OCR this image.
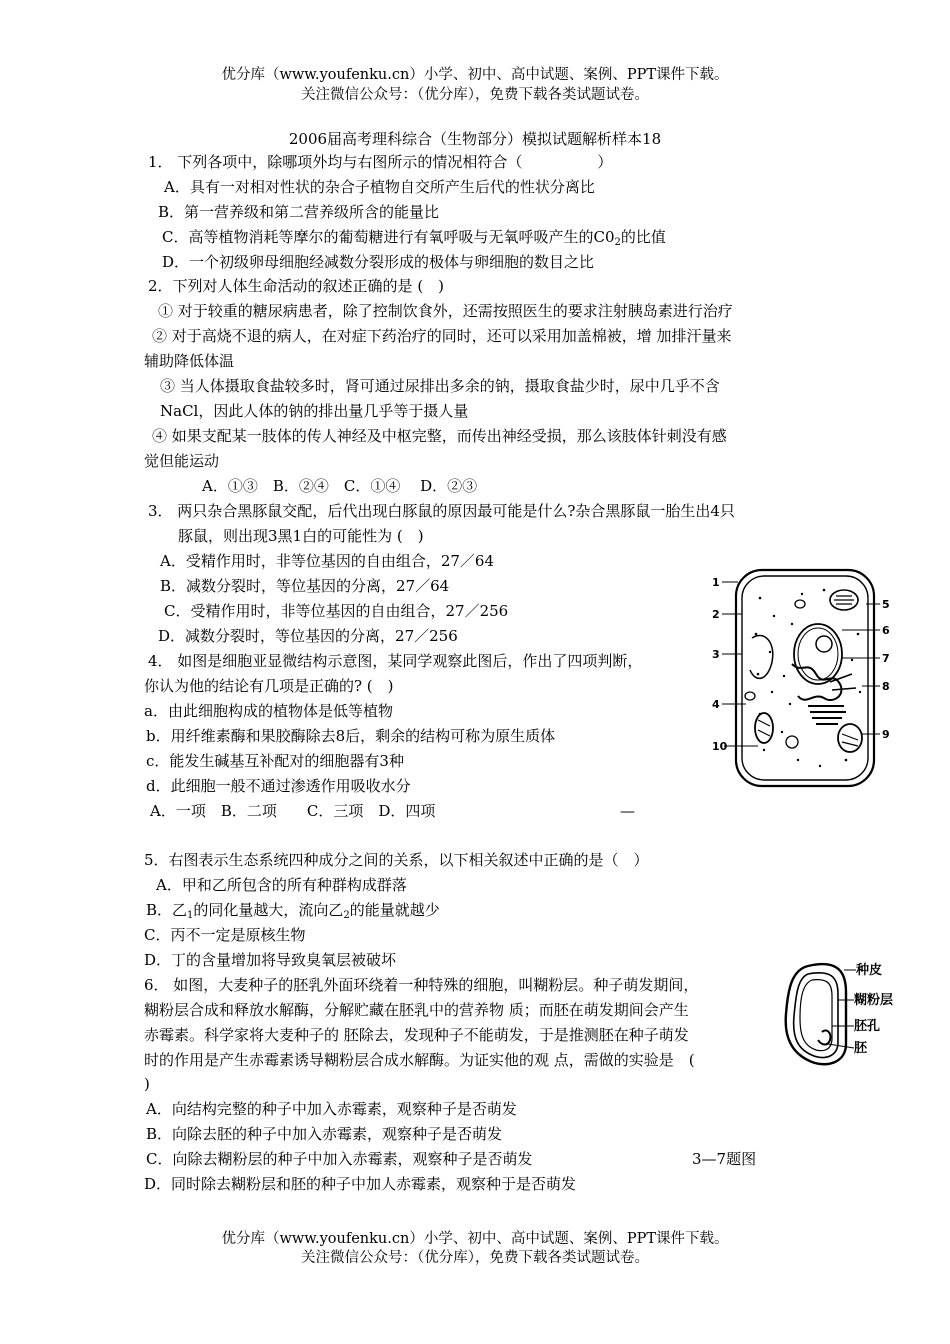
优分库（www.youfenku.cn）小学、初中、高中试题、案例、PPT课件下载。
关注微信公众号：（优分库），免费下载各类试题试卷。
2006届高考理科综合（生物部分）模拟试题解析样本18
1． 下列各项中，除哪项外均与右图所示的情况相符合（　　　　　）
A．具有一对相对性状的杂合子植物自交所产生后代的性状分离比
B．第一营养级和第二营养级所含的能量比
C．高等植物消耗等摩尔的葡萄糖进行有氧呼吸与无氧呼吸产生的$C0_2$的比值
D．一个初级卵母细胞经减数分裂形成的极体与卵细胞的数目之比
2．下列对人体生命活动的叙述正确的是 (　)
① 对于较重的糖尿病患者，除了控制饮食外，还需按照医生的要求注射胰岛素进行治疗
② 对于高烧不退的病人，在对症下药治疗的同时，还可以采用加盖棉被，增 加排汗量来
辅助降低体温
③ 当人体摄取食盐较多时，肾可通过尿排出多余的钠，摄取食盐少时，尿中几乎不含
NaCl，因此人体的钠的排出量几乎等于摄人量
④ 如果支配某一肢体的传人神经及中枢完整，而传出神经受损，那么该肢体针刺没有感
觉但能运动
A．①③　B．②④　C．①④　 D．②③
3． 两只杂合黑豚鼠交配，后代出现白豚鼠的原因最可能是什么?杂合黑豚鼠一胎生出4只
豚鼠，则出现3黑1白的可能性为 (　)
A．受精作用时，非等位基因的自由组合，27／64
B．减数分裂时，等位基因的分离，27／64
C．受精作用时，非等位基因的自由组合，27／256
D．减数分裂时，等位基因的分离，27／256
4． 如图是细胞亚显微结构示意图，某同学观察此图后，作出了四项判断，
你认为他的结论有几项是正确的? (　)
a．由此细胞构成的植物体是低等植物
b．用纤维素酶和果胶酶除去8后，剩余的结构可称为原生质体
c．能发生碱基互补配对的细胞器有3种
d．此细胞一般不通过渗透作用吸收水分
A．一项　B．二项　　C．三项　D．四项	—
5．右图表示生态系统四种成分之间的关系，以下相关叙述中正确的是（　）
A．甲和乙所包含的所有种群构成群落
B．乙$_1$的同化量越大，流向乙$_2$的能量就越少
C．丙不一定是原核生物
D．丁的含量增加将导致臭氧层被破坏
6． 如图，大麦种子的胚乳外面环绕着一种特殊的细胞，叫糊粉层。种子萌发期间，
糊粉层合成和释放水解酶，分解贮藏在胚乳中的营养物 质；而胚在萌发期间会产生
赤霉素。科学家将大麦种子的 胚除去，发现种子不能萌发，于是推测胚在种子萌发
时的作用是产生赤霉素诱导糊粉层合成水解酶。为证实他的观 点，需做的实验是　(
)
A．向结构完整的种子中加入赤霉素，观察种子是否萌发
B．向除去胚的种子中加入赤霉素，观察种子是否萌发
C．向除去糊粉层的种子中加入赤霉素，观察种子是否萌发	3—7题图
D．同时除去糊粉层和胚的种子中加人赤霉素，观察种于是否萌发
1
2
3
4
10
5
6
7
8
9
种皮
糊粉层
胚孔
胚
优分库（www.youfenku.cn）小学、初中、高中试题、案例、PPT课件下载。
关注微信公众号：（优分库），免费下载各类试题试卷。
